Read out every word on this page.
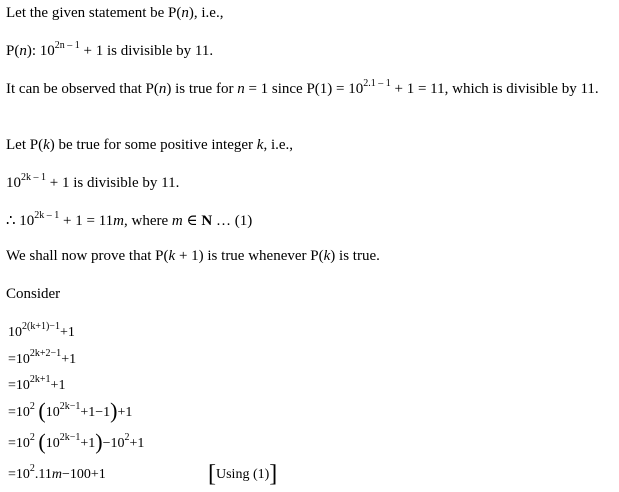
Let the given statement be P(n), i.e.,
P(n): $10^{2n - 1} + 1$ is divisible by 11.
It can be observed that P(n) is true for n = 1 since $P(1) = 10^{2.1 - 1} + 1 = 11$, which is divisible by 11.
Let P(k) be true for some positive integer k, i.e.,
$10^{2k - 1} + 1$ is divisible by 11.
∴ $10^{2k - 1} + 1 = 11m$, where m ∈ N … (1)
We shall now prove that P(k + 1) is true whenever P(k) is true.
Consider
$10^{2(k+1)-1}+1$
$=10^{2k+2-1}+1$
$=10^{2k+1}+1$
$=10^2$ $(10^{2k-1}+1-1)+1$
$=10^2$ $(10^{2k-1}+1)-10^2+1$
$=10^2.11m-100+1$	[Using (1)]
